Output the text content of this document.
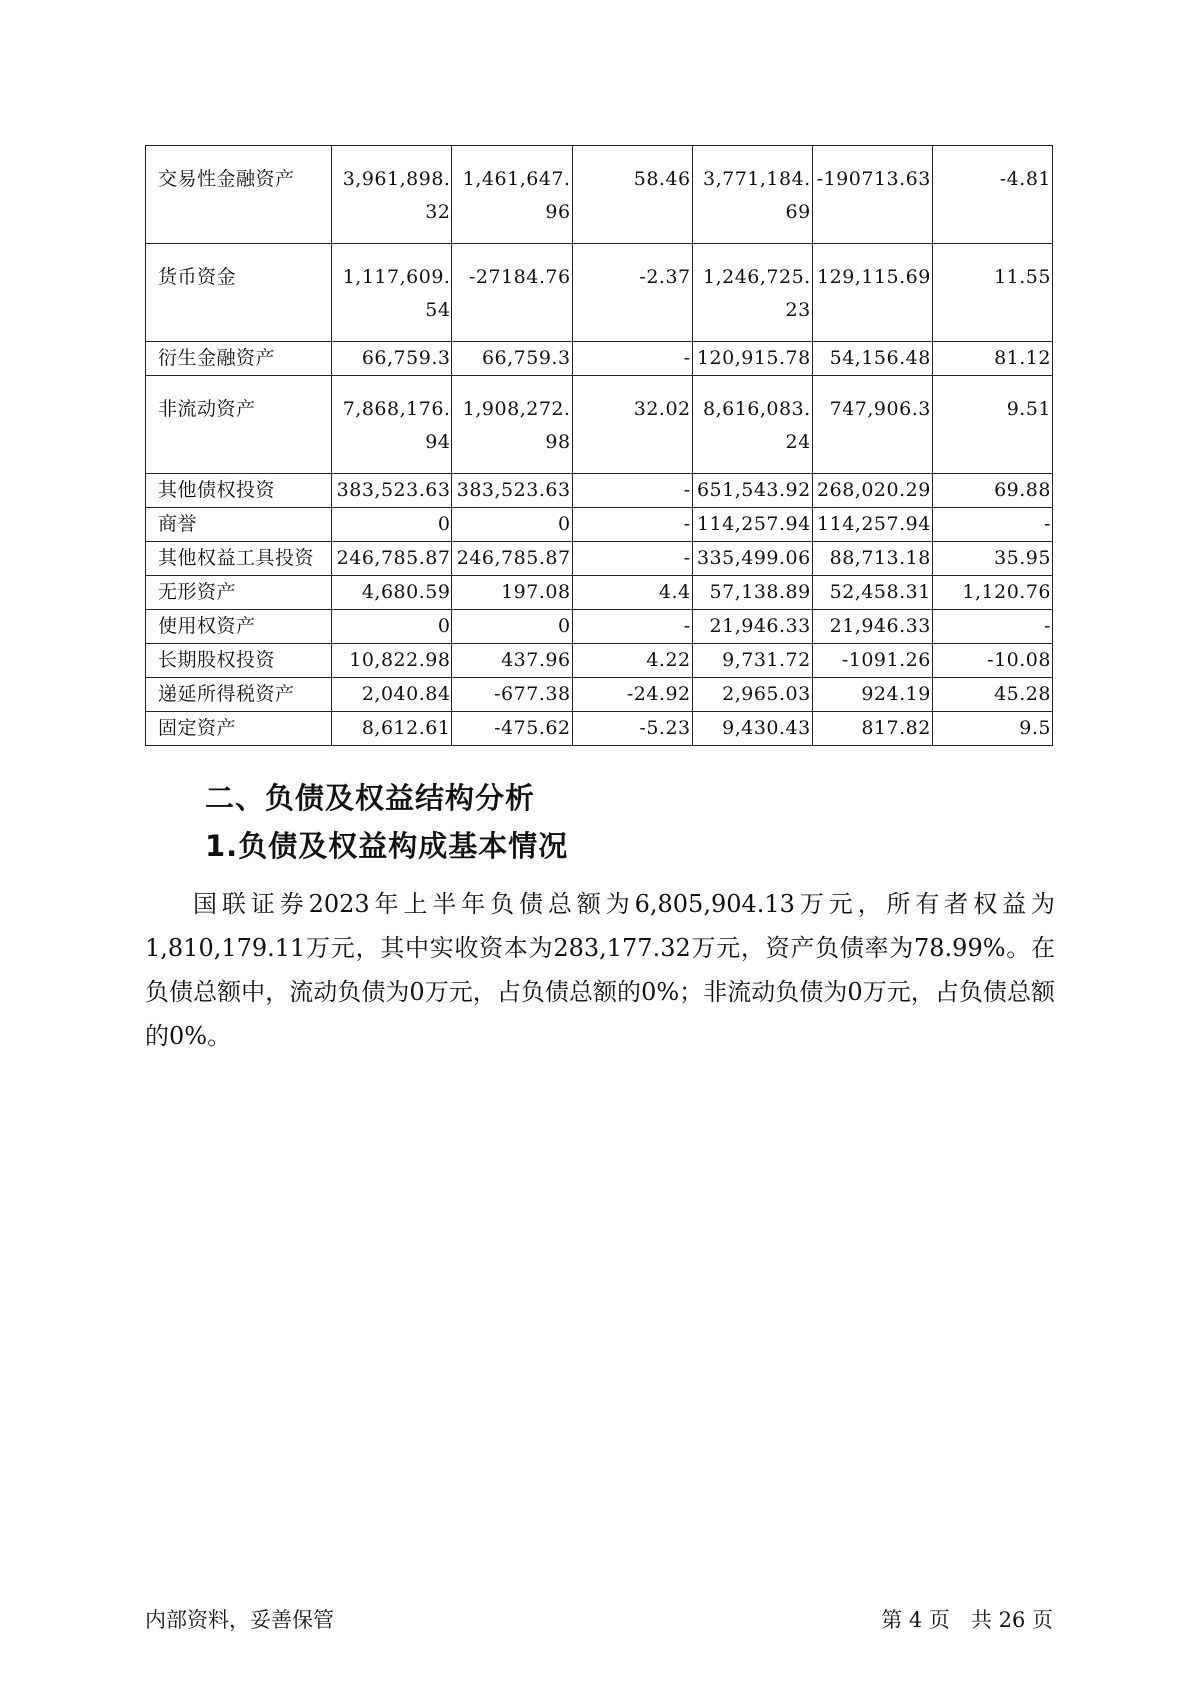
交易性金融资产	3,961,898.32	1,461,647.96	58.46	3,771,184.69	-190713.63	-4.81

货币资金	1,117,609.54	-27184.76	-2.37	1,246,725.23	129,115.69	11.55

衍生金融资产	66,759.3	66,759.3	-	120,915.78	54,156.48	81.12

非流动资产	7,868,176.94	1,908,272.98	32.02	8,616,083.24	747,906.3	9.51

其他债权投资	383,523.63	383,523.63	-	651,543.92	268,020.29	69.88
商誉	0	0	-	114,257.94	114,257.94	-
其他权益工具投资	246,785.87	246,785.87	-	335,499.06	88,713.18	35.95
无形资产	4,680.59	197.08	4.4	57,138.89	52,458.31	1,120.76
使用权资产	0	0	-	21,946.33	21,946.33	-
长期股权投资	10,822.98	437.96	4.22	9,731.72	-1091.26	-10.08
递延所得税资产	2,040.84	-677.38	-24.92	2,965.03	924.19	45.28
固定资产	8,612.61	-475.62	-5.23	9,430.43	817.82	9.5
二、负债及权益结构分析
1.负债及权益构成基本情况

国联证券2023年上半年负债总额为6,805,904.13万元，所有者权益为1,810,179.11万元，其中实收资本为283,177.32万元，资产负债率为78.99%。在负债总额中，流动负债为0万元，占负债总额的0%；非流动负债为0万元，占负债总额的0%。

内部资料，妥善保管	第 4 页　共 26 页
